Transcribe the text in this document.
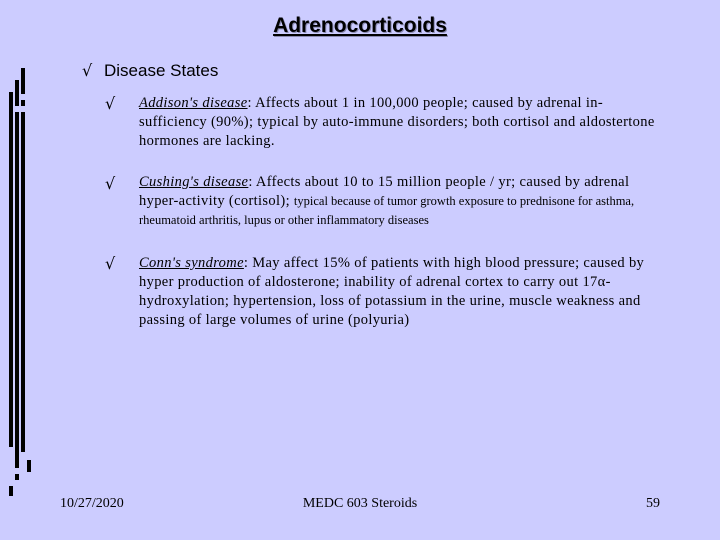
Adrenocorticoids
√ Disease States
√ Addison's disease: Affects about 1 in 100,000 people; caused by adrenal in-sufficiency (90%); typical by auto-immune disorders; both cortisol and aldostertone hormones are lacking.
√ Cushing's disease: Affects about 10 to 15 million people / yr; caused by adrenal hyper-activity (cortisol); typical because of tumor growth exposure to prednisone for asthma, rheumatoid arthritis, lupus or other inflammatory diseases
√ Conn's syndrome: May affect 15% of patients with high blood pressure; caused by hyper production of aldosterone; inability of adrenal cortex to carry out 17α-hydroxylation; hypertension, loss of potassium in the urine, muscle weakness and passing of large volumes of urine (polyuria)
10/27/2020	MEDC 603 Steroids	59
